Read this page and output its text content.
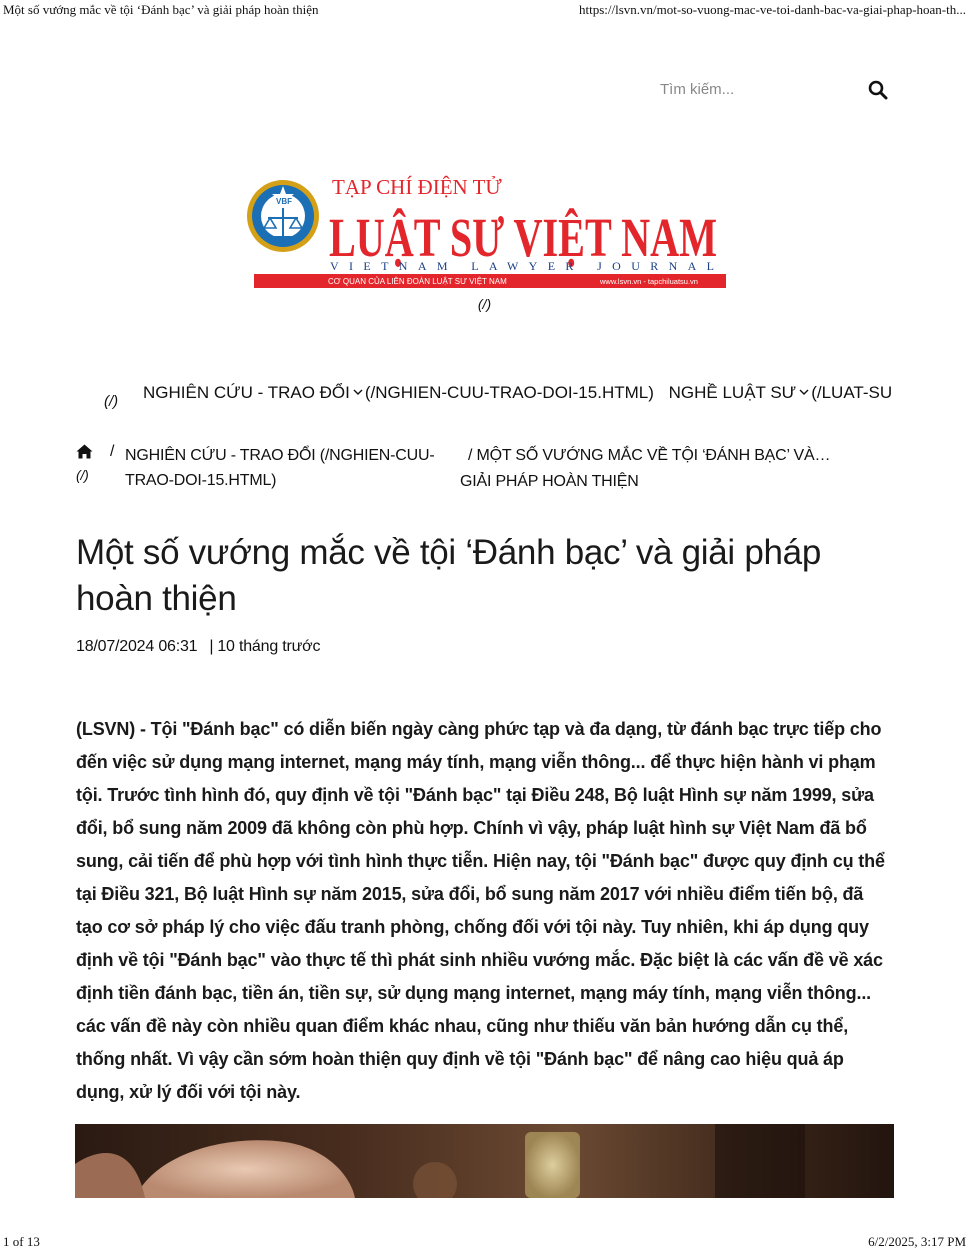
Một số vướng mắc về tội ‘Đánh bạc’ và giải pháp hoàn thiện	https://lsvn.vn/mot-so-vuong-mac-ve-toi-danh-bac-va-giai-phap-hoan-th...
Tìm kiếm...
VBF
TẠP CHÍ ĐIỆN TỬ
LUẬT SƯ VIỆT NAM
VIETNAM LAWYER JOURNAL
CƠ QUAN CỦA LIÊN ĐOÀN LUẬT SƯ VIỆT NAM	www.lsvn.vn - tapchiluatsu.vn
(/)
(/) NGHIÊN CỨU - TRAO ĐỔI (/NGHIEN-CUU-TRAO-DOI-15.HTML) NGHỀ LUẬT SƯ (/LUAT-SU
(/)
/ NGHIÊN CỨU - TRAO ĐỔI (/NGHIEN-CUU-
TRAO-DOI-15.HTML)
/ MỘT SỐ VƯỚNG MẮC VỀ TỘI ‘ĐÁNH BẠC’ VÀ…
GIẢI PHÁP HOÀN THIỆN
Một số vướng mắc về tội ‘Đánh bạc’ và giải pháp hoàn thiện
18/07/2024 06:31 | 10 tháng trước

(LSVN) - Tội "Đánh bạc" có diễn biến ngày càng phức tạp và đa dạng, từ đánh bạc trực tiếp cho đến việc sử dụng mạng internet, mạng máy tính, mạng viễn thông... để thực hiện hành vi phạm tội. Trước tình hình đó, quy định về tội "Đánh bạc" tại Điều 248, Bộ luật Hình sự năm 1999, sửa đổi, bổ sung năm 2009 đã không còn phù hợp. Chính vì vậy, pháp luật hình sự Việt Nam đã bổ sung, cải tiến để phù hợp với tình hình thực tiễn. Hiện nay, tội "Đánh bạc" được quy định cụ thể tại Điều 321, Bộ luật Hình sự năm 2015, sửa đổi, bổ sung năm 2017 với nhiều điểm tiến bộ, đã tạo cơ sở pháp lý cho việc đấu tranh phòng, chống đối với tội này. Tuy nhiên, khi áp dụng quy định về tội "Đánh bạc" vào thực tế thì phát sinh nhiều vướng mắc. Đặc biệt là các vấn đề về xác định tiền đánh bạc, tiền án, tiền sự, sử dụng mạng internet, mạng máy tính, mạng viễn thông... các vấn đề này còn nhiều quan điểm khác nhau, cũng như thiếu văn bản hướng dẫn cụ thể, thống nhất. Vì vậy cần sớm hoàn thiện quy định về tội "Đánh bạc" để nâng cao hiệu quả áp dụng, xử lý đối với tội này.

1 of 13	6/2/2025, 3:17 PM
